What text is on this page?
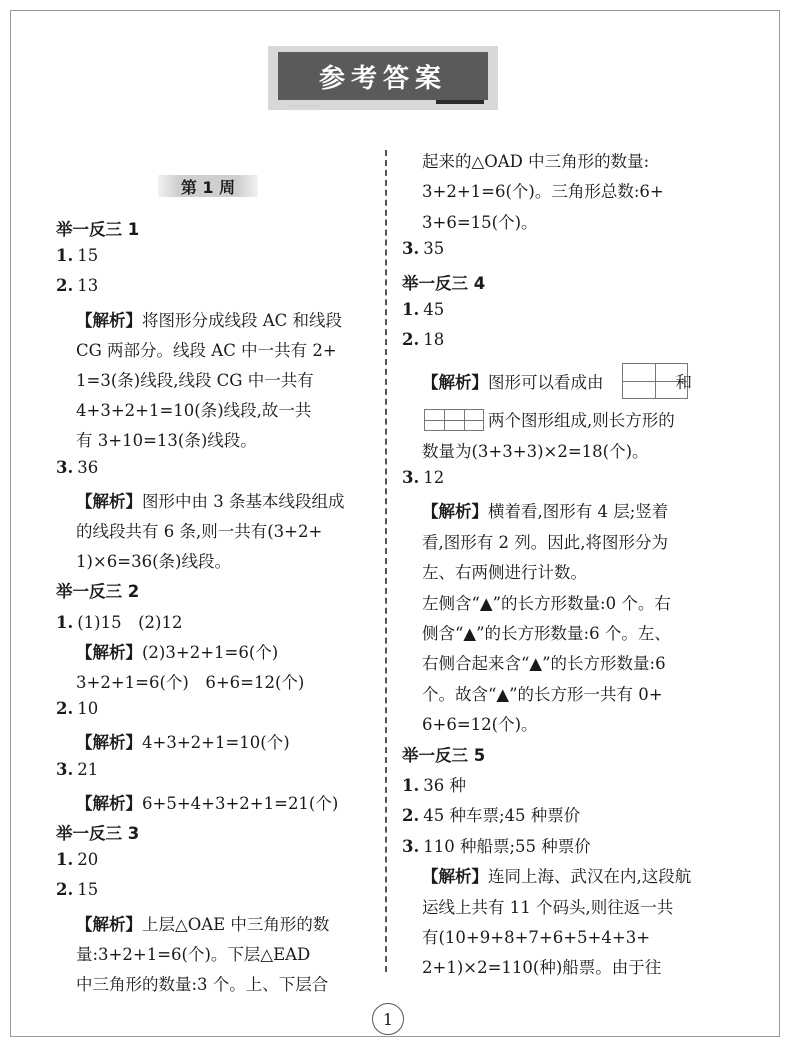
参考答案
第 1 周
举一反三 1
1. 15
2. 13
【解析】将图形分成线段 AC 和线段
CG 两部分。线段 AC 中一共有 2+
1=3(条)线段,线段 CG 中一共有
4+3+2+1=10(条)线段,故一共
有 3+10=13(条)线段。
3. 36
【解析】图形中由 3 条基本线段组成
的线段共有 6 条,则一共有(3+2+
1)×6=36(条)线段。
举一反三 2
1. (1)15　(2)12
【解析】(2)3+2+1=6(个)
3+2+1=6(个)　6+6=12(个)
2. 10
【解析】4+3+2+1=10(个)
3. 21
【解析】6+5+4+3+2+1=21(个)
举一反三 3
1. 20
2. 15
【解析】上层△OAE 中三角形的数
量:3+2+1=6(个)。下层△EAD
中三角形的数量:3 个。上、下层合
起来的△OAD 中三角形的数量:
3+2+1=6(个)。三角形总数:6+
3+6=15(个)。
3. 35
举一反三 4
1. 45
2. 18
【解析】图形可以看成由	和
两个图形组成,则长方形的
数量为(3+3+3)×2=18(个)。
3. 12
【解析】横着看,图形有 4 层;竖着
看,图形有 2 列。因此,将图形分为
左、右两侧进行计数。
左侧含“▲”的长方形数量:0 个。右
侧含“▲”的长方形数量:6 个。左、
右侧合起来含“▲”的长方形数量:6
个。故含“▲”的长方形一共有 0+
6+6=12(个)。
举一反三 5
1. 36 种
2. 45 种车票;45 种票价
3. 110 种船票;55 种票价
【解析】连同上海、武汉在内,这段航
运线上共有 11 个码头,则往返一共
有(10+9+8+7+6+5+4+3+
2+1)×2=110(种)船票。由于往
1
